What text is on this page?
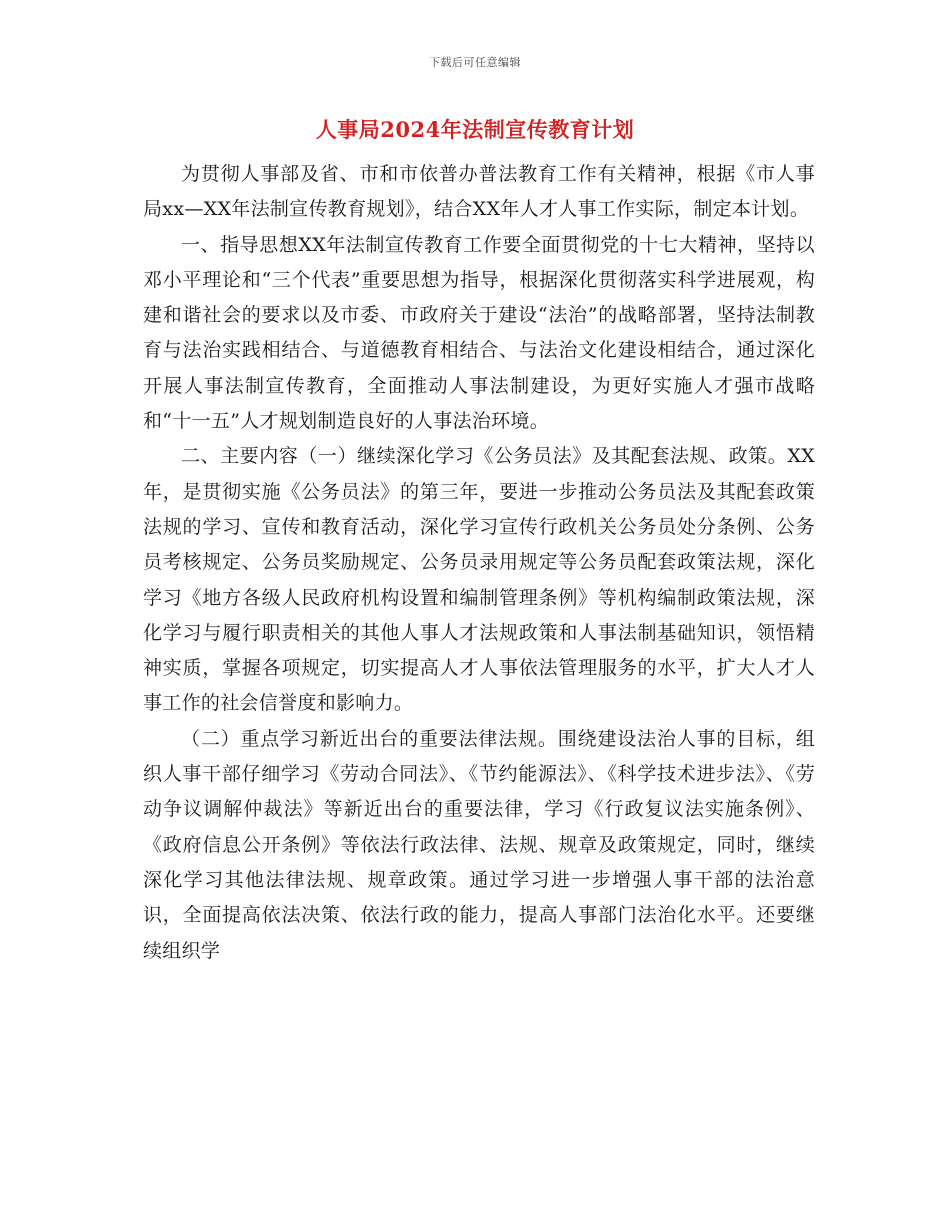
下载后可任意编辑
人事局2024年法制宣传教育计划

为贯彻人事部及省、市和市依普办普法教育工作有关精神，根据《市人事局xx—XX年法制宣传教育规划》，结合XX年人才人事工作实际，制定本计划。

一、指导思想XX年法制宣传教育工作要全面贯彻党的十七大精神，坚持以邓小平理论和“三个代表”重要思想为指导，根据深化贯彻落实科学进展观，构建和谐社会的要求以及市委、市政府关于建设“法治”的战略部署，坚持法制教育与法治实践相结合、与道德教育相结合、与法治文化建设相结合，通过深化开展人事法制宣传教育，全面推动人事法制建设，为更好实施人才强市战略和“十一五”人才规划制造良好的人事法治环境。

二、主要内容（一）继续深化学习《公务员法》及其配套法规、政策。XX年，是贯彻实施《公务员法》的第三年，要进一步推动公务员法及其配套政策法规的学习、宣传和教育活动，深化学习宣传行政机关公务员处分条例、公务员考核规定、公务员奖励规定、公务员录用规定等公务员配套政策法规，深化学习《地方各级人民政府机构设置和编制管理条例》等机构编制政策法规，深化学习与履行职责相关的其他人事人才法规政策和人事法制基础知识，领悟精神实质，掌握各项规定，切实提高人才人事依法管理服务的水平，扩大人才人事工作的社会信誉度和影响力。

（二）重点学习新近出台的重要法律法规。围绕建设法治人事的目标，组织人事干部仔细学习《劳动合同法》、《节约能源法》、《科学技术进步法》、《劳动争议调解仲裁法》等新近出台的重要法律，学习《行政复议法实施条例》、《政府信息公开条例》等依法行政法律、法规、规章及政策规定，同时，继续深化学习其他法律法规、规章政策。通过学习进一步增强人事干部的法治意识，全面提高依法决策、依法行政的能力，提高人事部门法治化水平。还要继续组织学
